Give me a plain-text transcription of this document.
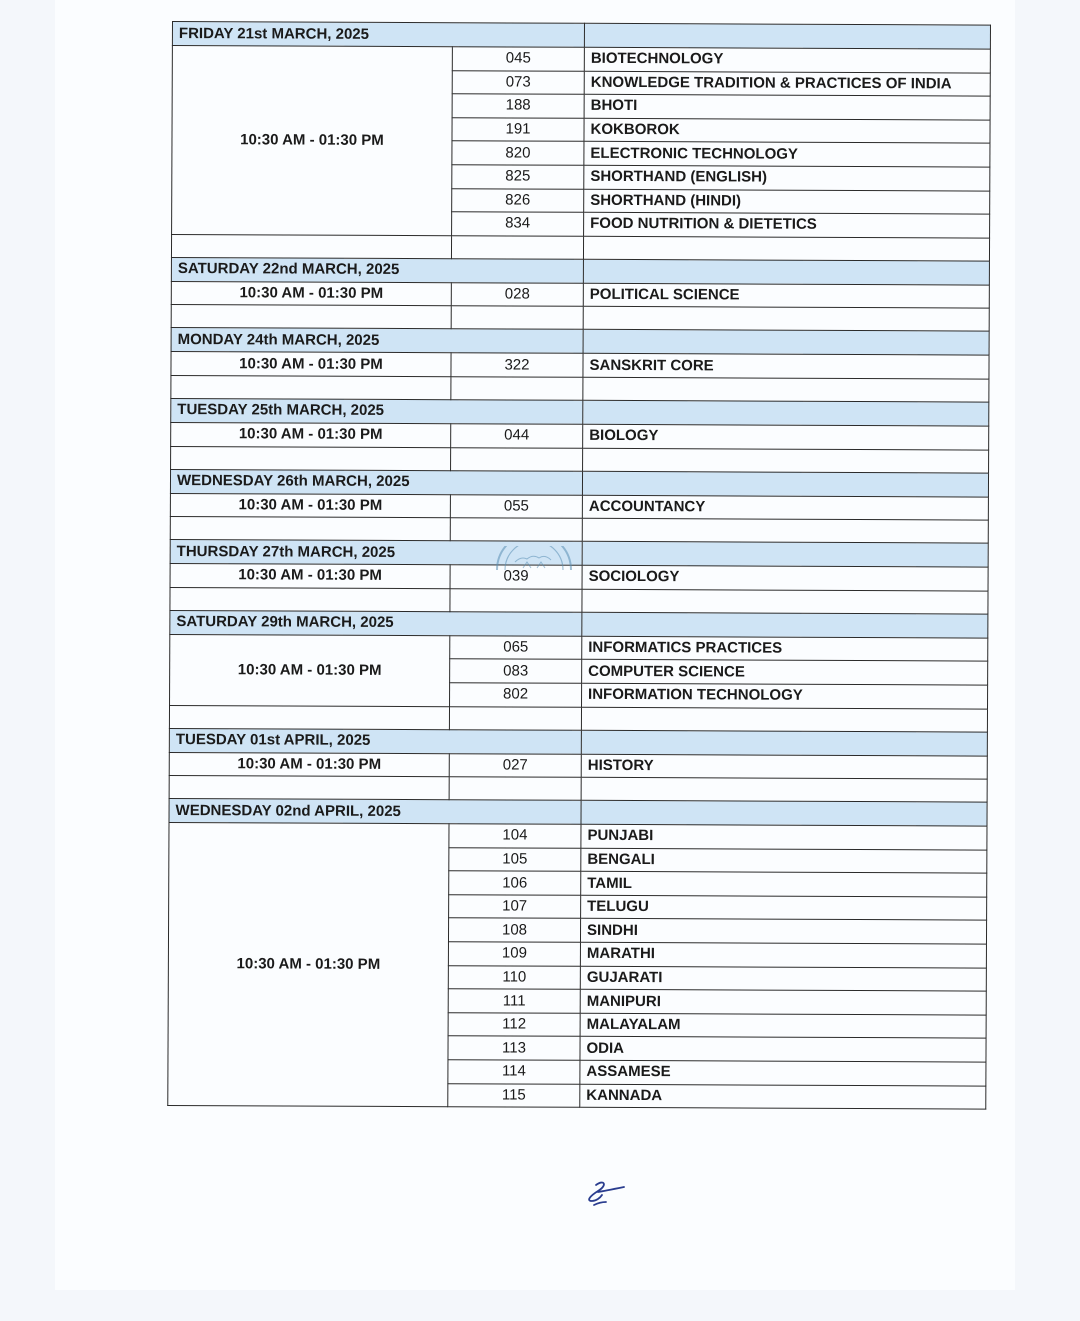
FRIDAY 21st MARCH, 2025		
10:30 AM - 01:30 PM	045	BIOTECHNOLOGY
	073	KNOWLEDGE TRADITION & PRACTICES OF INDIA
	188	BHOTI
	191	KOKBOROK
	820	ELECTRONIC TECHNOLOGY
	825	SHORTHAND (ENGLISH)
	826	SHORTHAND (HINDI)
	834	FOOD NUTRITION & DIETETICS

SATURDAY 22nd MARCH, 2025		
10:30 AM - 01:30 PM	028	POLITICAL SCIENCE

MONDAY 24th MARCH, 2025		
10:30 AM - 01:30 PM	322	SANSKRIT CORE

TUESDAY 25th MARCH, 2025		
10:30 AM - 01:30 PM	044	BIOLOGY

WEDNESDAY 26th MARCH, 2025		
10:30 AM - 01:30 PM	055	ACCOUNTANCY

THURSDAY 27th MARCH, 2025		
10:30 AM - 01:30 PM	039	SOCIOLOGY

SATURDAY 29th MARCH, 2025		
10:30 AM - 01:30 PM	065	INFORMATICS PRACTICES
	083	COMPUTER SCIENCE
	802	INFORMATION TECHNOLOGY

TUESDAY 01st APRIL, 2025		
10:30 AM - 01:30 PM	027	HISTORY

WEDNESDAY 02nd APRIL, 2025		
10:30 AM - 01:30 PM	104	PUNJABI
	105	BENGALI
	106	TAMIL
	107	TELUGU
	108	SINDHI
	109	MARATHI
	110	GUJARATI
	111	MANIPURI
	112	MALAYALAM
	113	ODIA
	114	ASSAMESE
	115	KANNADA
